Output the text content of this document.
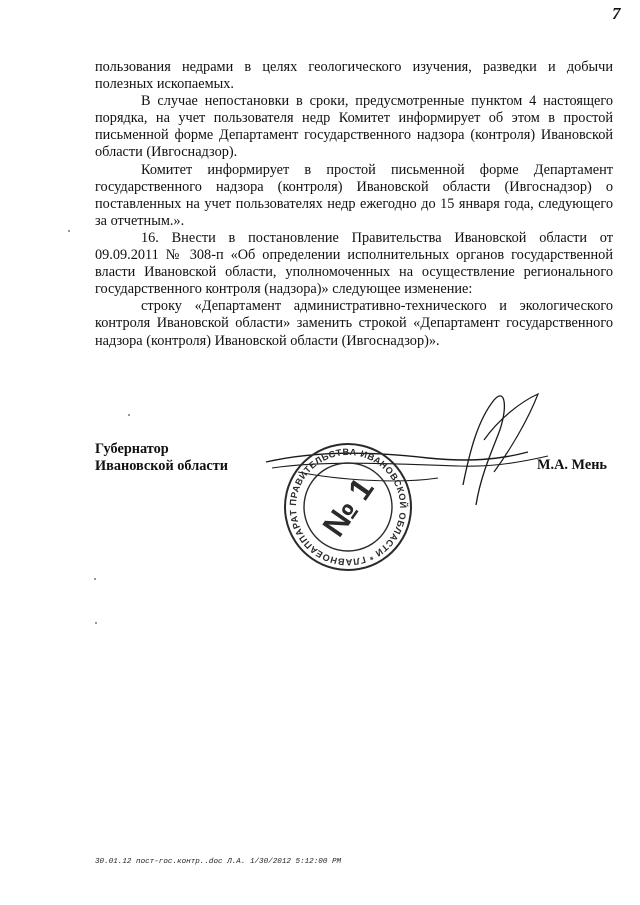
7

пользования недрами в целях геологического изучения, разведки и добычи полезных ископаемых.

В случае непостановки в сроки, предусмотренные пунктом 4 настоящего порядка, на учет пользователя недр Комитет информирует об этом в простой письменной форме Департамент государственного надзора (контроля) Ивановской области (Ивгоснадзор).

Комитет информирует в простой письменной форме Департамент государственного надзора (контроля) Ивановской области (Ивгоснадзор) о поставленных на учет пользователях недр ежегодно до 15 января года, следующего за отчетным.».

16. Внести в постановление Правительства Ивановской области от 09.09.2011 № 308-п «Об определении исполнительных органов государственной власти Ивановской области, уполномоченных на осуществление регионального государственного контроля (надзора)» следующее изменение:

строку «Департамент административно-технического и экологического контроля Ивановской области» заменить строкой «Департамент государственного надзора (контроля) Ивановской области (Ивгоснадзор)».

АППАРАТ ПРАВИТЕЛЬСТВА ИВАНОВСКОЙ ОБЛАСТИ * ГЛАВНОЕ
№ 1
Губернатор
Ивановской области	М.А. Мень
30.01.12 пост-гос.контр..doc Л.А. 1/30/2012 5:12:00 PM
